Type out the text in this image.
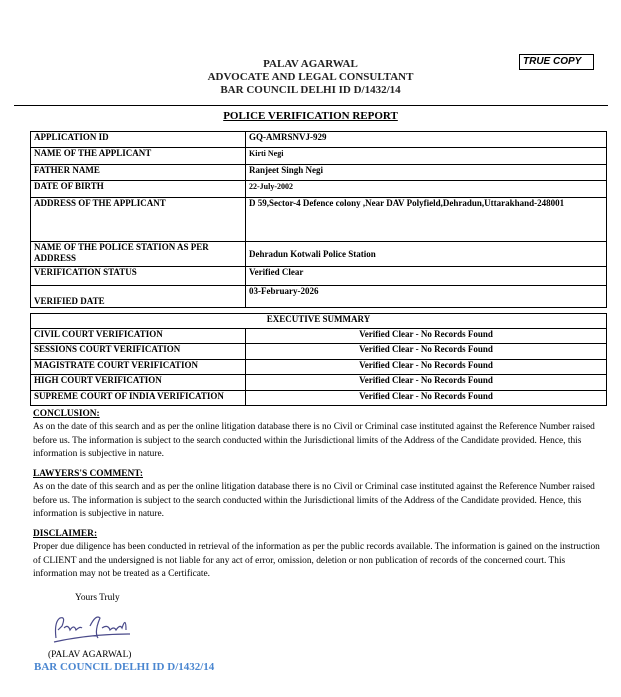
PALAV AGARWAL
ADVOCATE AND LEGAL CONSULTANT
BAR COUNCIL DELHI ID D/1432/14
TRUE COPY
POLICE VERIFICATION REPORT
APPLICATION ID	GQ-AMRSNVJ-929
NAME OF THE APPLICANT	Kirti Negi
FATHER NAME	Ranjeet Singh Negi
DATE OF BIRTH	22-July-2002
ADDRESS OF THE APPLICANT	D 59,Sector-4 Defence colony ,Near DAV Polyfield,Dehradun,Uttarakhand-248001
NAME OF THE POLICE STATION AS PER ADDRESS	Dehradun Kotwali Police Station
VERIFICATION STATUS	Verified Clear
VERIFIED DATE	03-February-2026
EXECUTIVE SUMMARY	
CIVIL COURT VERIFICATION	Verified Clear - No Records Found
SESSIONS COURT VERIFICATION	Verified Clear - No Records Found
MAGISTRATE COURT VERIFICATION	Verified Clear - No Records Found
HIGH COURT VERIFICATION	Verified Clear - No Records Found
SUPREME COURT OF INDIA VERIFICATION	Verified Clear - No Records Found
CONCLUSION:
As on the date of this search and as per the online litigation database there is no Civil or Criminal case instituted against the Reference Number raised before us. The information is subject to the search conducted within the Jurisdictional limits of the Address of the Candidate provided. Hence, this information is subjective in nature.
LAWYERS'S COMMENT:
As on the date of this search and as per the online litigation database there is no Civil or Criminal case instituted against the Reference Number raised before us. The information is subject to the search conducted within the Jurisdictional limits of the Address of the Candidate provided. Hence, this information is subjective in nature.
DISCLAIMER:
Proper due diligence has been conducted in retrieval of the information as per the public records available. The information is gained on the instruction of CLIENT and the undersigned is not liable for any act of error, omission, deletion or non publication of records of the concerned court. This information may not be treated as a Certificate.
Yours Truly
(PALAV AGARWAL)
BAR COUNCIL DELHI ID D/1432/14
